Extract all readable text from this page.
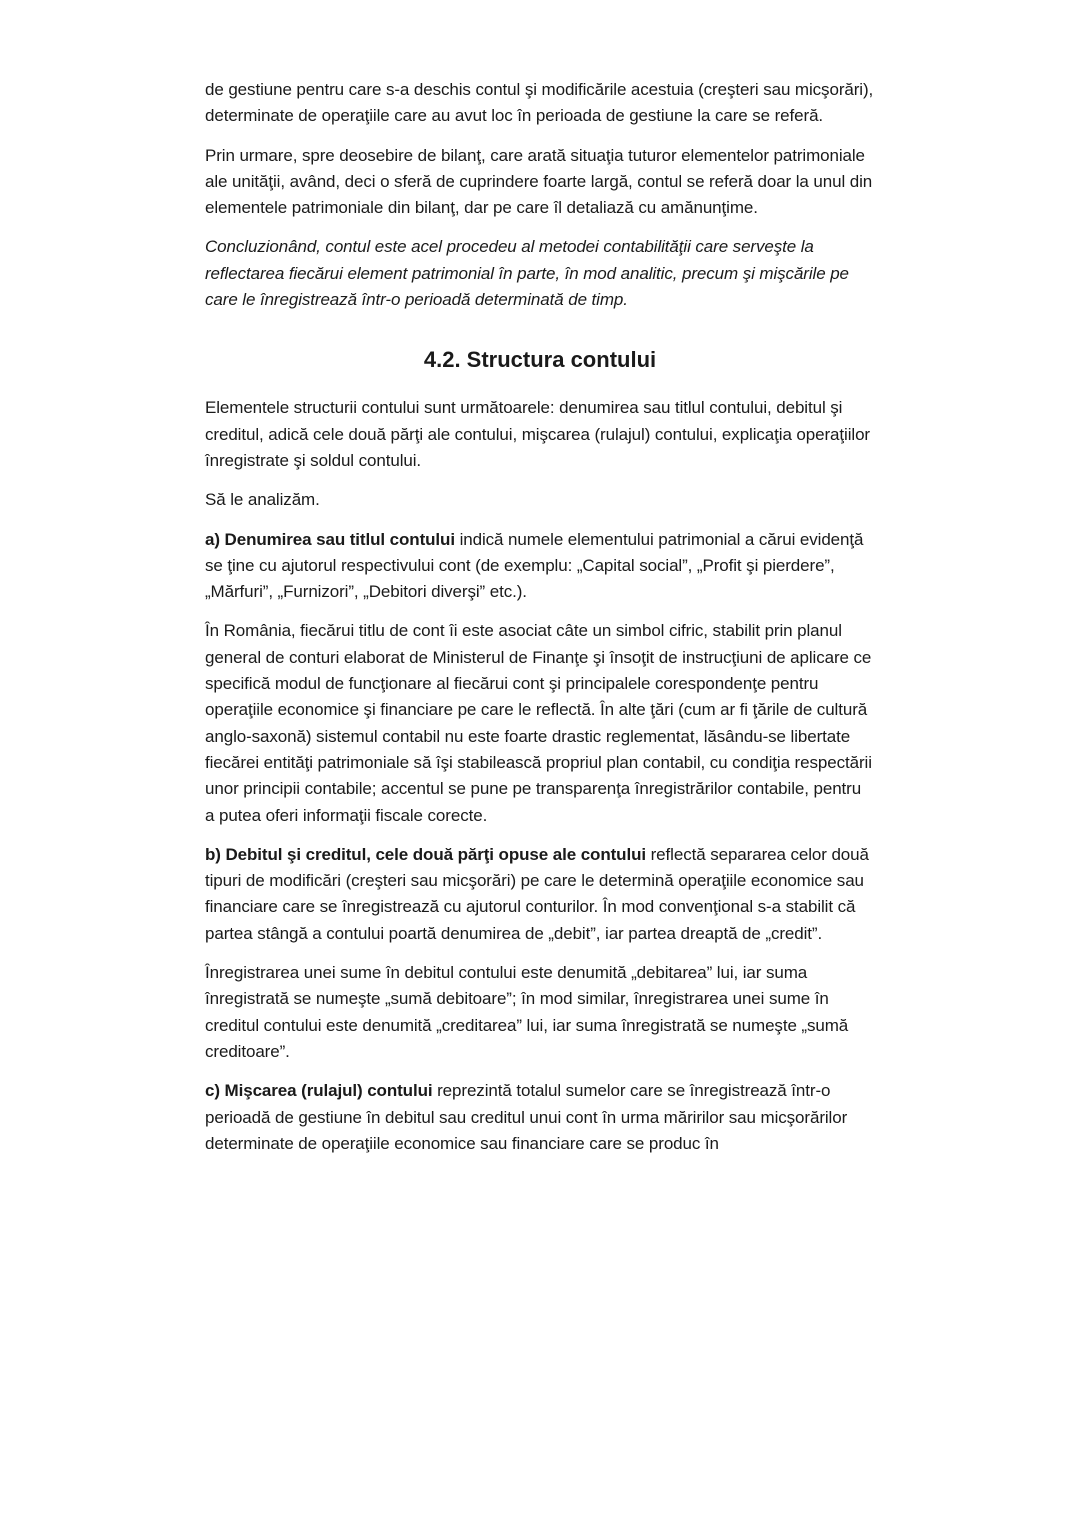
de gestiune pentru care s-a deschis contul şi modificările acestuia (creşteri sau micşorări), determinate de operaţiile care au avut loc în perioada de gestiune la care se referă.

Prin urmare, spre deosebire de bilanţ, care arată situaţia tuturor elementelor patrimoniale ale unităţii, având, deci o sferă de cuprindere foarte largă, contul se referă doar la unul din elementele patrimoniale din bilanţ, dar pe care îl detaliază cu amănunţime.

Concluzionând, contul este acel procedeu al metodei contabilităţii care serveşte la reflectarea fiecărui element patrimonial în parte, în mod analitic, precum şi mişcările pe care le înregistrează într-o perioadă determinată de timp.

4.2. Structura contului

Elementele structurii contului sunt următoarele: denumirea sau titlul contului, debitul şi creditul, adică cele două părţi ale contului, mişcarea (rulajul) contului, explicaţia operaţiilor înregistrate şi soldul contului.

Să le analizăm.

a) Denumirea sau titlul contului indică numele elementului patrimonial a cărui evidenţă se ţine cu ajutorul respectivului cont (de exemplu: „Capital social”, „Profit şi pierdere”, „Mărfuri”, „Furnizori”, „Debitori diverşi” etc.).

În România, fiecărui titlu de cont îi este asociat câte un simbol cifric, stabilit prin planul general de conturi elaborat de Ministerul de Finanţe şi însoţit de instrucţiuni de aplicare ce specifică modul de funcţionare al fiecărui cont şi principalele corespondenţe pentru operaţiile economice şi financiare pe care le reflectă. În alte ţări (cum ar fi ţările de cultură anglo-saxonă) sistemul contabil nu este foarte drastic reglementat, lăsându-se libertate fiecărei entităţi patrimoniale să îşi stabilească propriul plan contabil, cu condiţia respectării unor principii contabile; accentul se pune pe transparenţa înregistrărilor contabile, pentru a putea oferi informaţii fiscale corecte.

b) Debitul şi creditul, cele două părţi opuse ale contului reflectă separarea celor două tipuri de modificări (creşteri sau micşorări) pe care le determină operaţiile economice sau financiare care se înregistrează cu ajutorul conturilor. În mod convenţional s-a stabilit că partea stângă a contului poartă denumirea de „debit”, iar partea dreaptă de „credit”.

Înregistrarea unei sume în debitul contului este denumită „debitarea” lui, iar suma înregistrată se numeşte „sumă debitoare”; în mod similar, înregistrarea unei sume în creditul contului este denumită „creditarea” lui, iar suma înregistrată se numeşte „sumă creditoare”.

c) Mişcarea (rulajul) contului reprezintă totalul sumelor care se înregistrează într-o perioadă de gestiune în debitul sau creditul unui cont în urma măririlor sau micşorărilor determinate de operaţiile economice sau financiare care se produc în
